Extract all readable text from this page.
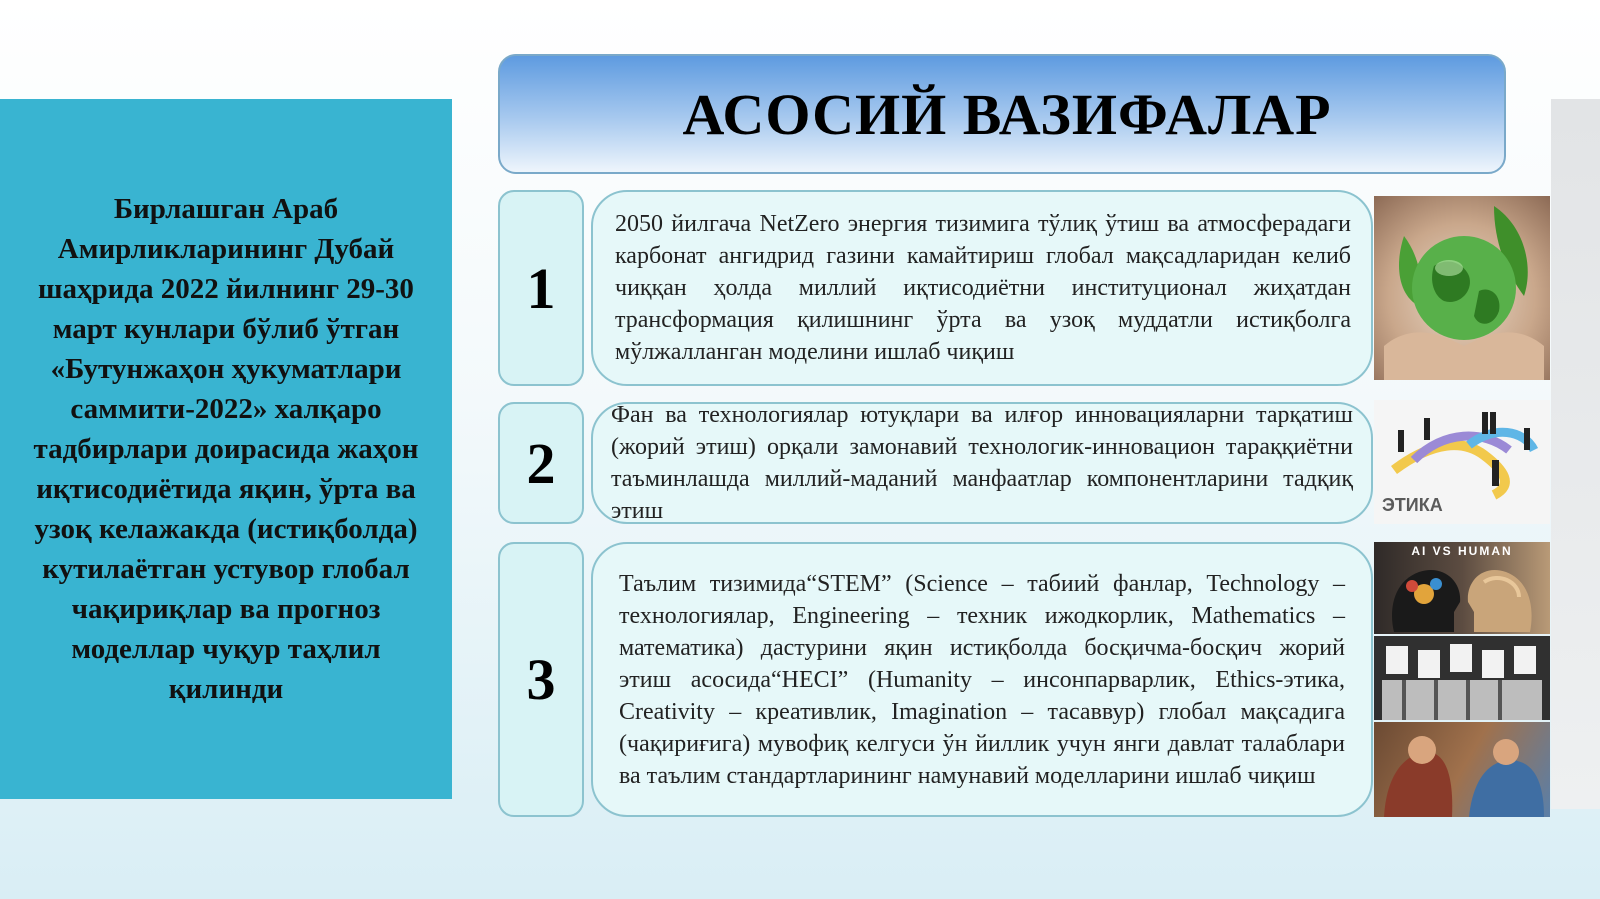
Бирлашган Араб Амирликларининг Дубай шаҳрида 2022 йилнинг 29-30 март кунлари бўлиб ўтган «Бутунжаҳон ҳукуматлари саммити-2022» халқаро тадбирлари доирасида жаҳон иқтисодиётида яқин, ўрта ва узоқ келажакда (истиқболда) кутилаётган устувор глобал чақириқлар ва прогноз моделлар чуқур таҳлил қилинди

АСОСИЙ ВАЗИФАЛАР
1

2050 йилгача NetZero энергия тизимига тўлиқ ўтиш ва атмосферадаги карбонат ангидрид газини камайтириш глобал мақсадларидан келиб чиққан ҳолда миллий иқтисодиётни институционал жиҳатдан трансформация қилишнинг ўрта ва узоқ муддатли истиқболга мўлжалланган моделини ишлаб чиқиш

2

Фан ва технологиялар ютуқлари ва илғор инновацияларни тарқатиш (жорий этиш) орқали замонавий технологик-инновацион тараққиётни таъминлашда миллий-маданий манфаатлар компонентларини тадқиқ этиш

3

Таълим тизимида“STEM” (Science – табиий фанлар, Technology – технологиялар, Engineering – техник ижодкорлик, Mathematics – математика) дастурини яқин истиқболда босқичма-босқич жорий этиш асосида“HECI” (Humanity – инсонпарварлик, Ethics-этика, Creativity – креативлик, Imagination – тасаввур) глобал мақсадига (чақириғига) мувофиқ келгуси ўн йиллик учун янги давлат талаблари ва таълим стандартларининг намунавий моделларини ишлаб чиқиш

ЭТИКА
AI VS HUMAN
